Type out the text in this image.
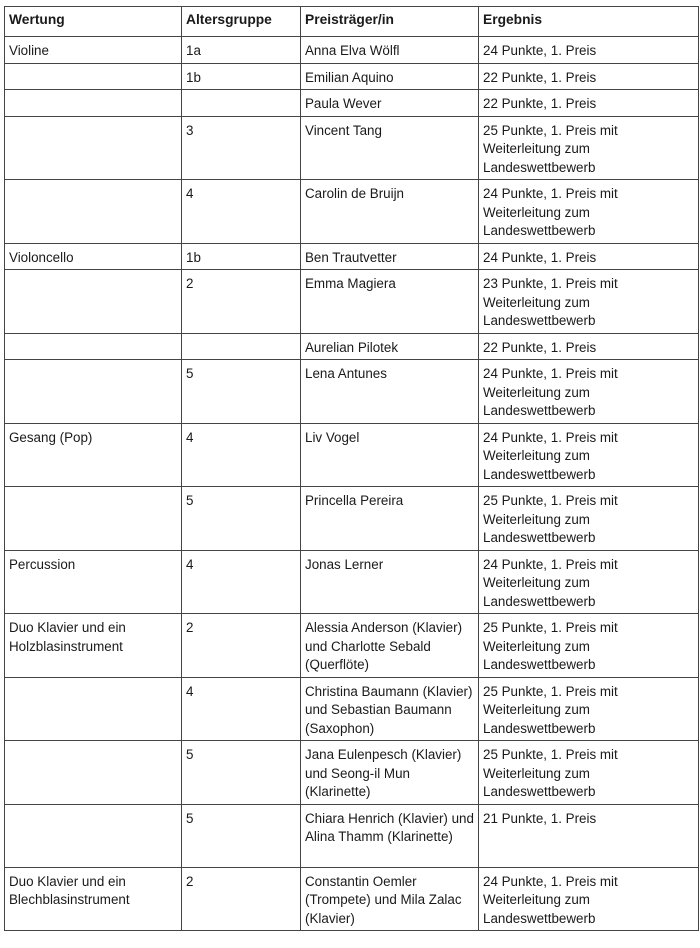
Wertung	Altersgruppe	Preisträger/in	Ergebnis
Violine	1a	Anna Elva Wölfl	24 Punkte, 1. Preis
	1b	Emilian Aquino	22 Punkte, 1. Preis
		Paula Wever	22 Punkte, 1. Preis
	3	Vincent Tang	25 Punkte, 1. Preis mit Weiterleitung zum Landeswettbewerb
	4	Carolin de Bruijn	24 Punkte, 1. Preis mit Weiterleitung zum Landeswettbewerb
Violoncello	1b	Ben Trautvetter	24 Punkte, 1. Preis
	2	Emma Magiera	23 Punkte, 1. Preis mit Weiterleitung zum Landeswettbewerb
		Aurelian Pilotek	22 Punkte, 1. Preis
	5	Lena Antunes	24 Punkte, 1. Preis mit Weiterleitung zum Landeswettbewerb
Gesang (Pop)	4	Liv Vogel	24 Punkte, 1. Preis mit Weiterleitung zum Landeswettbewerb
	5	Princella Pereira	25 Punkte, 1. Preis mit Weiterleitung zum Landeswettbewerb
Percussion	4	Jonas Lerner	24 Punkte, 1. Preis mit Weiterleitung zum Landeswettbewerb
Duo Klavier und ein Holzblasinstrument	2	Alessia Anderson (Klavier) und Charlotte Sebald (Querflöte)	25 Punkte, 1. Preis mit Weiterleitung zum Landeswettbewerb
	4	Christina Baumann (Klavier) und Sebastian Baumann (Saxophon)	25 Punkte, 1. Preis mit Weiterleitung zum Landeswettbewerb
	5	Jana Eulenpesch (Klavier) und Seong-il Mun (Klarinette)	25 Punkte, 1. Preis mit Weiterleitung zum Landeswettbewerb
	5	Chiara Henrich (Klavier) und Alina Thamm (Klarinette)	21 Punkte, 1. Preis
Duo Klavier und ein Blechblasinstrument	2	Constantin Oemler (Trompete) und Mila Zalac (Klavier)	24 Punkte, 1. Preis mit Weiterleitung zum Landeswettbewerb
